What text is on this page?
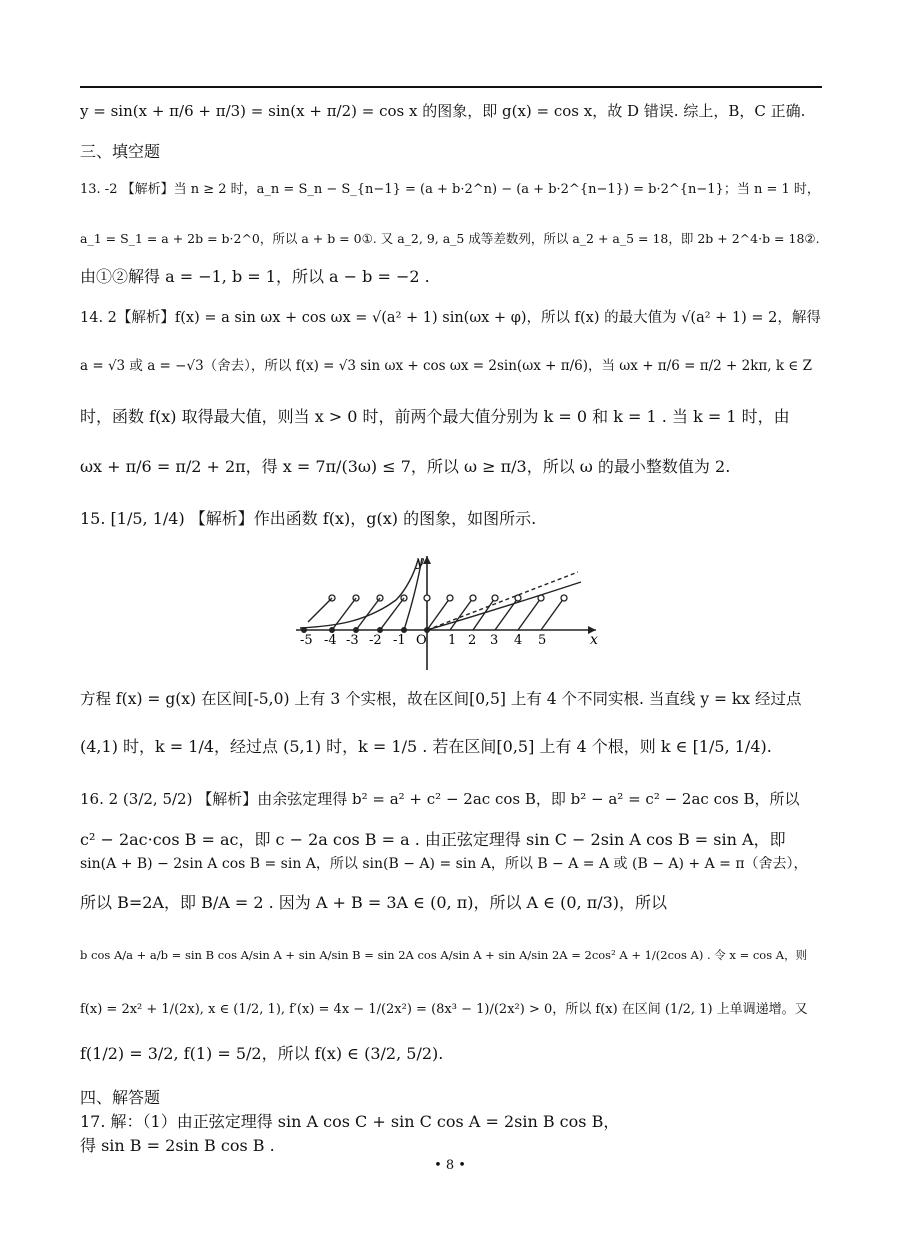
y = sin(x + π/6 + π/3) = sin(x + π/2) = cos x 的图象，即 g(x) = cos x，故 D 错误. 综上，B，C 正确.
三、填空题
13. -2 【解析】当 n ≥ 2 时，a_n = S_n − S_{n−1} = (a + b·2^n) − (a + b·2^{n−1}) = b·2^{n−1}；当 n = 1 时，
a_1 = S_1 = a + 2b = b·2^0，所以 a + b = 0①. 又 a_2, 9, a_5 成等差数列，所以 a_2 + a_5 = 18，即 2b + 2^4·b = 18②.
由①②解得 a = −1, b = 1，所以 a − b = −2 .
14. 2【解析】f(x) = a sin ωx + cos ωx = √(a² + 1) sin(ωx + φ)，所以 f(x) 的最大值为 √(a² + 1) = 2，解得
a = √3 或 a = −√3（舍去），所以 f(x) = √3 sin ωx + cos ωx = 2sin(ωx + π/6)，当 ωx + π/6 = π/2 + 2kπ, k ∈ Z
时，函数 f(x) 取得最大值，则当 x > 0 时，前两个最大值分别为 k = 0 和 k = 1 . 当 k = 1 时，由
ωx + π/6 = π/2 + 2π，得 x = 7π/(3ω) ≤ 7，所以 ω ≥ π/3，所以 ω 的最小整数值为 2.
15. [1/5, 1/4) 【解析】作出函数 f(x)，g(x) 的图象，如图所示.
y
x
-5 -4 -3 -2 -1 O 1 2 3 4 5
方程 f(x) = g(x) 在区间[-5,0) 上有 3 个实根，故在区间[0,5] 上有 4 个不同实根. 当直线 y = kx 经过点
(4,1) 时，k = 1/4，经过点 (5,1) 时，k = 1/5 . 若在区间[0,5] 上有 4 个根，则 k ∈ [1/5, 1/4).
16. 2 (3/2, 5/2) 【解析】由余弦定理得 b² = a² + c² − 2ac cos B，即 b² − a² = c² − 2ac cos B，所以
c² − 2ac·cos B = ac，即 c − 2a cos B = a . 由正弦定理得 sin C − 2sin A cos B = sin A，即
sin(A + B) − 2sin A cos B = sin A，所以 sin(B − A) = sin A，所以 B − A = A 或 (B − A) + A = π（舍去），
所以 B=2A，即 B/A = 2 . 因为 A + B = 3A ∈ (0, π)，所以 A ∈ (0, π/3)，所以
b cos A/a + a/b = sin B cos A/sin A + sin A/sin B = sin 2A cos A/sin A + sin A/sin 2A = 2cos² A + 1/(2cos A) . 令 x = cos A，则
f(x) = 2x² + 1/(2x), x ∈ (1/2, 1), f′(x) = 4x − 1/(2x²) = (8x³ − 1)/(2x²) > 0，所以 f(x) 在区间 (1/2, 1) 上单调递增。又
f(1/2) = 3/2, f(1) = 5/2，所以 f(x) ∈ (3/2, 5/2).
四、解答题
17. 解：（1）由正弦定理得 sin A cos C + sin C cos A = 2sin B cos B，
得 sin B = 2sin B cos B .
• 8 •
